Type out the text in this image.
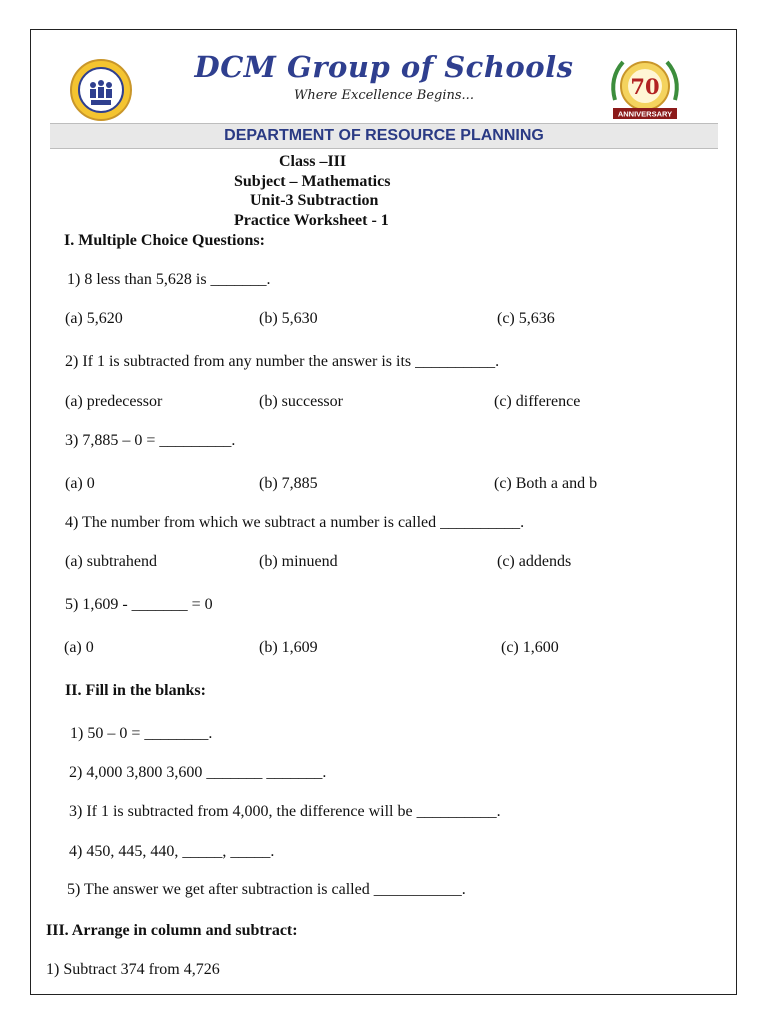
DCM Group of Schools
Where Excellence Begins...	70
ANNIVERSARY
DEPARTMENT OF RESOURCE PLANNING
Class –III
Subject – Mathematics
Unit-3 Subtraction
Practice Worksheet - 1
I. Multiple Choice Questions:
1) 8 less than 5,628 is _______.
(a) 5,620	(b) 5,630	(c) 5,636
2) If 1 is subtracted from any number the answer is its __________.
(a) predecessor	(b) successor	(c) difference
3) 7,885 – 0 = _________.
(a) 0	(b) 7,885	(c) Both a and b
4) The number from which we subtract a number is called __________.
(a) subtrahend	(b) minuend	(c) addends
5) 1,609 - _______ = 0
(a) 0	(b) 1,609	(c) 1,600
II. Fill in the blanks:
1) 50 – 0 = ________.
2) 4,000 3,800 3,600 _______ _______.
3) If 1 is subtracted from 4,000, the difference will be __________.
4) 450, 445, 440, _____, _____.
5) The answer we get after subtraction is called ___________.
III. Arrange in column and subtract:
1) Subtract 374 from 4,726
